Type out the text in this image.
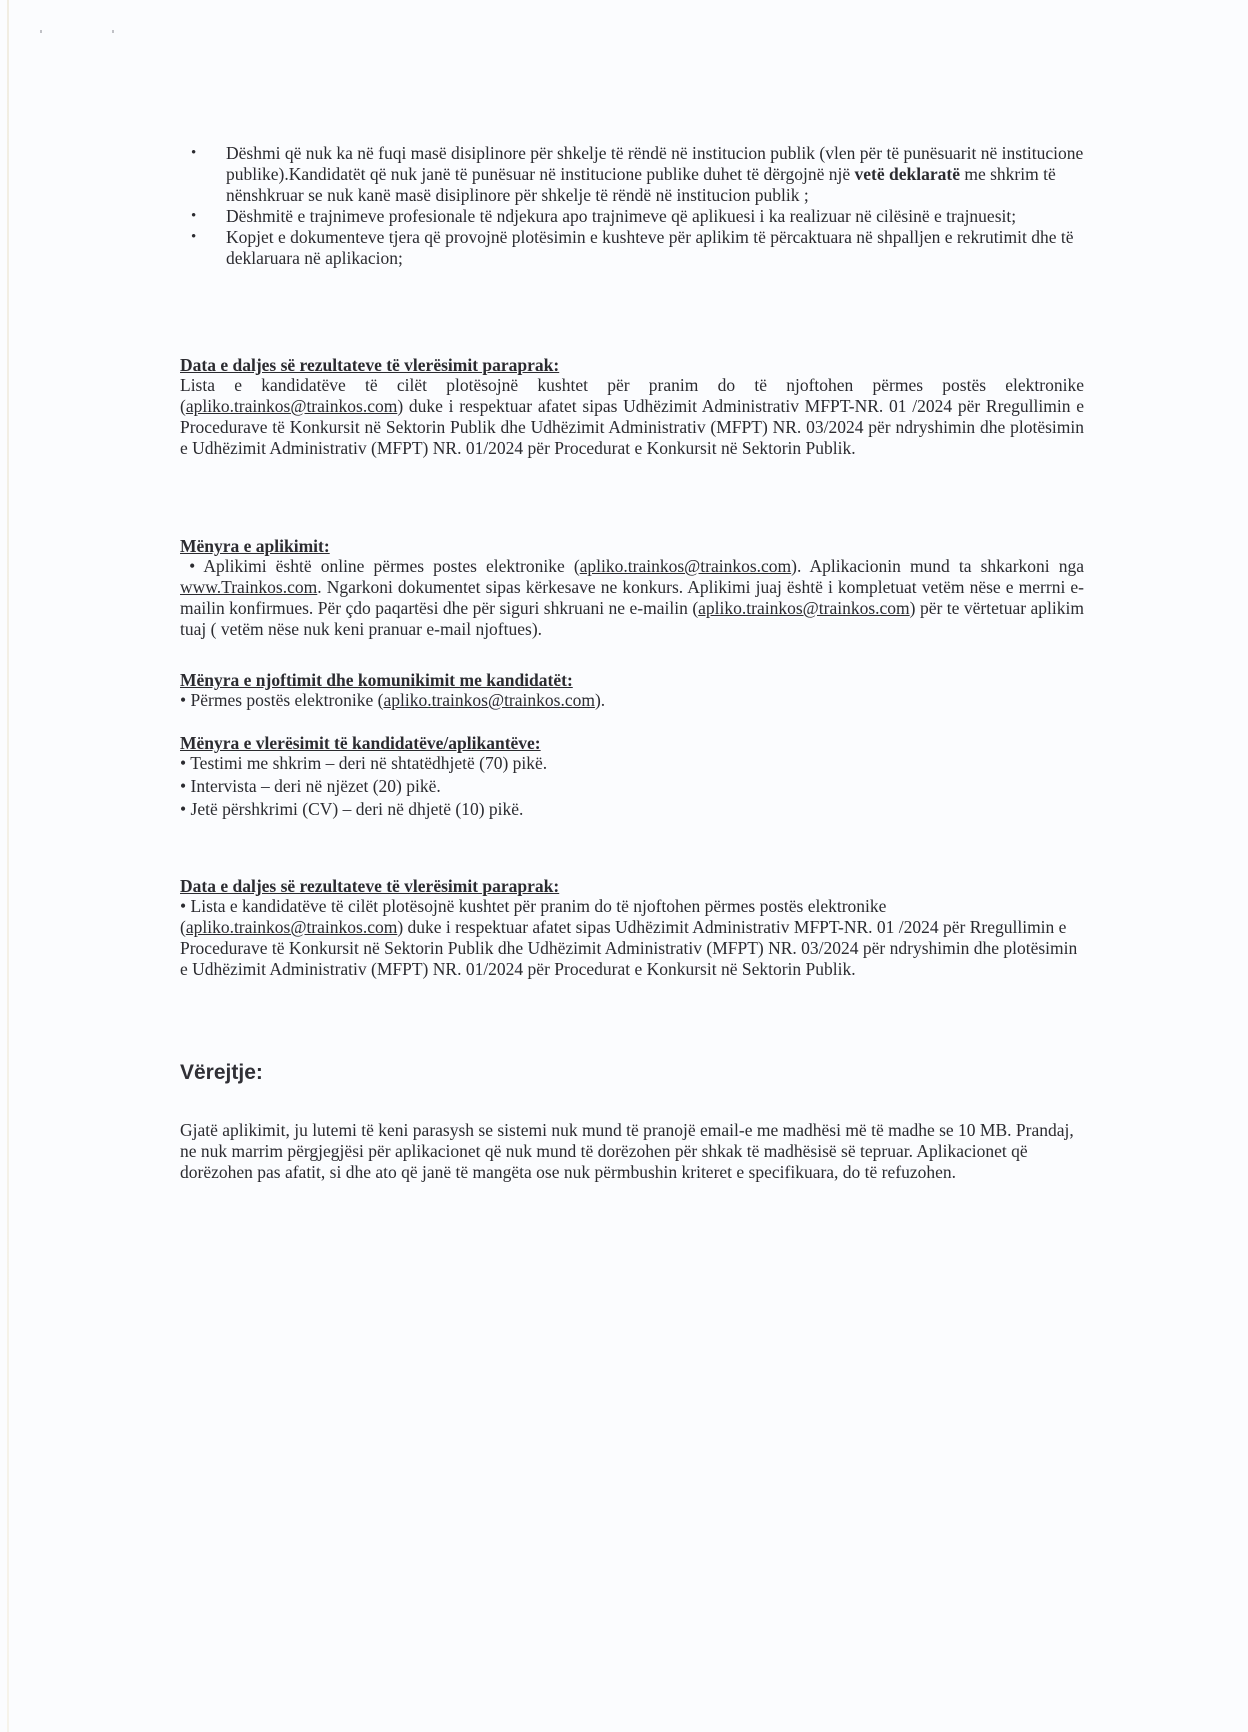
• Dëshmi që nuk ka në fuqi masë disiplinore për shkelje të rëndë në institucion publik (vlen për të punësuarit në institucione publike).Kandidatët që nuk janë të punësuar në institucione publike duhet të dërgojnë një vetë deklaratë me shkrim të nënshkruar se nuk kanë masë disiplinore për shkelje të rëndë në institucion publik ;
• Dëshmitë e trajnimeve profesionale të ndjekura apo trajnimeve që aplikuesi i ka realizuar në cilësinë e trajnuesit;
• Kopjet e dokumenteve tjera që provojnë plotësimin e kushteve për aplikim të përcaktuara në shpalljen e rekrutimit dhe të deklaruara në aplikacion;
Data e daljes së rezultateve të vlerësimit paraprak:
Lista e kandidatëve të cilët plotësojnë kushtet për pranim do të njoftohen përmes postës elektronike (apliko.trainkos@trainkos.com) duke i respektuar afatet sipas Udhëzimit Administrativ MFPT-NR. 01 /2024 për Rregullimin e Procedurave të Konkursit në Sektorin Publik dhe Udhëzimit Administrativ (MFPT) NR. 03/2024 për ndryshimin dhe plotësimin e Udhëzimit Administrativ (MFPT) NR. 01/2024 për Procedurat e Konkursit në Sektorin Publik.
Mënyra e aplikimit:
• Aplikimi është online përmes postes elektronike (apliko.trainkos@trainkos.com). Aplikacionin mund ta shkarkoni nga www.Trainkos.com. Ngarkoni dokumentet sipas kërkesave ne konkurs. Aplikimi juaj është i kompletuat vetëm nëse e merrni e-mailin konfirmues. Për çdo paqartësi dhe për siguri shkruani ne e-mailin (apliko.trainkos@trainkos.com) për te vërtetuar aplikim tuaj ( vetëm nëse nuk keni pranuar e-mail njoftues).
Mënyra e njoftimit dhe komunikimit me kandidatët:
• Përmes postës elektronike (apliko.trainkos@trainkos.com).
Mënyra e vlerësimit të kandidatëve/aplikantëve:
• Testimi me shkrim – deri në shtatëdhjetë (70) pikë.
• Intervista – deri në njëzet (20) pikë.
• Jetë përshkrimi (CV) – deri në dhjetë (10) pikë.
Data e daljes së rezultateve të vlerësimit paraprak:
• Lista e kandidatëve të cilët plotësojnë kushtet për pranim do të njoftohen përmes postës elektronike (apliko.trainkos@trainkos.com) duke i respektuar afatet sipas Udhëzimit Administrativ MFPT-NR. 01 /2024 për Rregullimin e Procedurave të Konkursit në Sektorin Publik dhe Udhëzimit Administrativ (MFPT) NR. 03/2024 për ndryshimin dhe plotësimin e Udhëzimit Administrativ (MFPT) NR. 01/2024 për Procedurat e Konkursit në Sektorin Publik.
Vërejtje:
Gjatë aplikimit, ju lutemi të keni parasysh se sistemi nuk mund të pranojë email-e me madhësi më të madhe se 10 MB. Prandaj, ne nuk marrim përgjegjësi për aplikacionet që nuk mund të dorëzohen për shkak të madhësisë së tepruar. Aplikacionet që dorëzohen pas afatit, si dhe ato që janë të mangëta ose nuk përmbushin kriteret e specifikuara, do të refuzohen.
